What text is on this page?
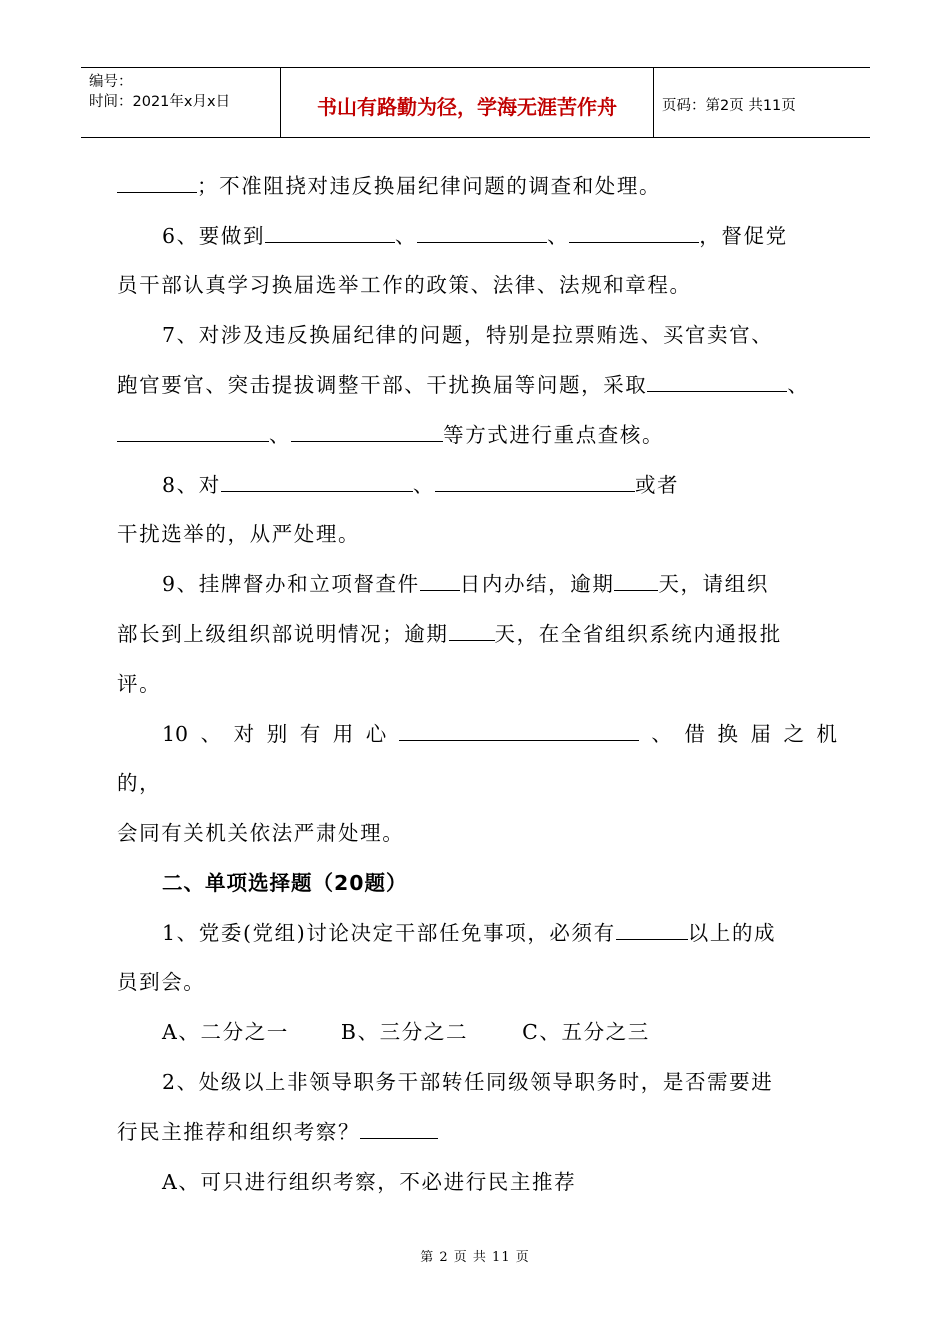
编号：
时间：2021年x月x日	书山有路勤为径，学海无涯苦作舟	页码：第2页 共11页
；不准阻挠对违反换届纪律问题的调查和处理。
6、要做到	、	、	，督促党
员干部认真学习换届选举工作的政策、法律、法规和章程。
7、对涉及违反换届纪律的问题，特别是拉票贿选、买官卖官、
跑官要官、突击提拔调整干部、干扰换届等问题，采取	、
、	等方式进行重点查核。
8、对	、	或者
干扰选举的，从严处理。
9、挂牌督办和立项督查件 日内办结，逾期 天，请组织
部长到上级组织部说明情况；逾期 天，在全省组织系统内通报批
评。
10 、 对 别 有 用 心	、 借 换 届 之 机
的，
会同有关机关依法严肃处理。
二、单项选择题（20题）
1、党委(党组)讨论决定干部任免事项，必须有	以上的成
员到会。
A、二分之一	B、三分之二	C、五分之三
2、处级以上非领导职务干部转任同级领导职务时，是否需要进
行民主推荐和组织考察？
A、可只进行组织考察，不必进行民主推荐
第 2 页 共 11 页
